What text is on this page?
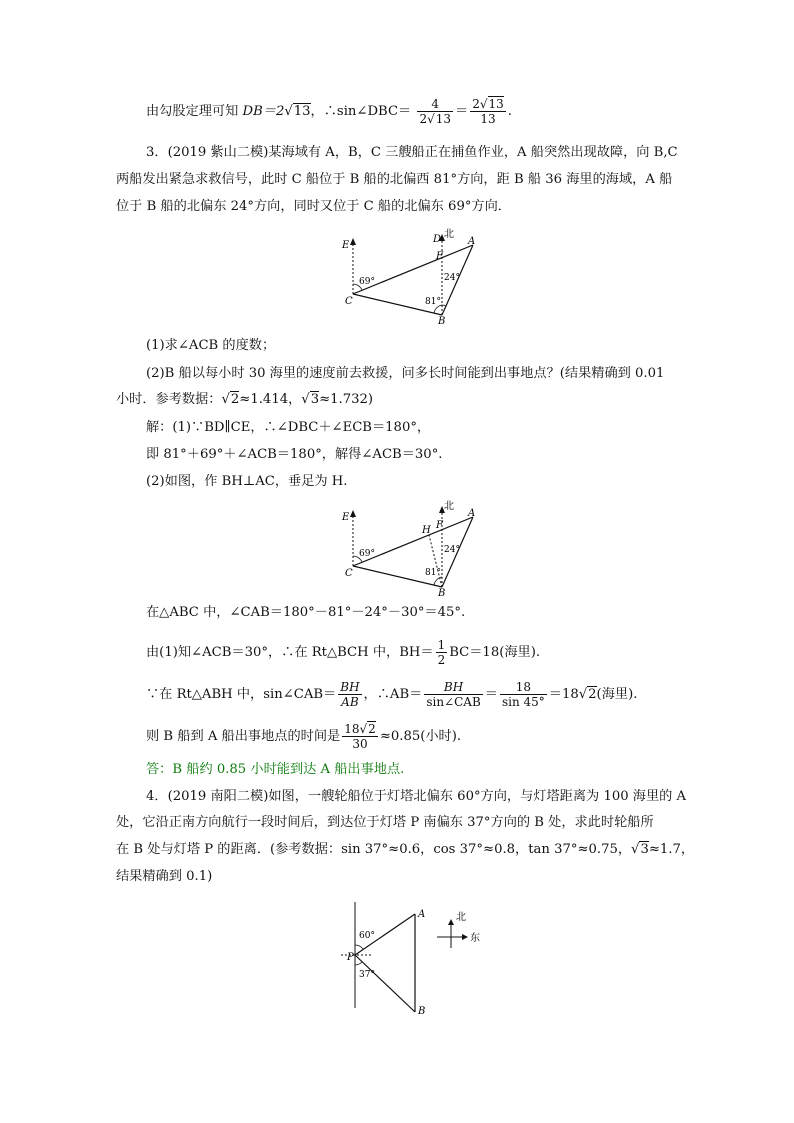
由勾股定理可知 DB＝2√13，∴sin∠DBC＝ $\frac{4}{2√13} = \frac{2√13}{13}$ .
3．(2019 紫山二模)某海域有 A，B，C 三艘船正在捕鱼作业，A 船突然出现故障，向 B,C
两船发出紧急求救信号，此时 C 船位于 B 船的北偏西 81°方向，距 B 船 36 海里的海域，A 船
位于 B 船的北偏东 24°方向，同时又位于 C 船的北偏东 69°方向．
E
D 北
A
F
C
B
69°	24°
81°
(1)求∠ACB 的度数；
(2)B 船以每小时 30 海里的速度前去救援，问多长时间能到出事地点？(结果精确到 0.01
小时．参考数据：√2≈1.414，√3≈1.732)
解：(1)∵BD∥CE，∴∠DBC＋∠ECB＝180°，
即 81°＋69°＋∠ACB＝180°，解得∠ACB＝30°.
(2)如图，作 BH⊥AC，垂足为 H.
E
H
北
A
F
C
B
69°	24°
81°
在△ABC 中，∠CAB＝180°－81°－24°－30°＝45°.
由(1)知∠ACB＝30°，∴在 Rt△BCH 中，$BH= \frac{1}{2} BC=18$(海里).
∵在 Rt△ABH 中，sin∠CAB＝ $\frac{BH}{AB}$ ，∴AB＝ $\frac{BH}{\text{sin∠CAB}} = \frac{18}{\sin 45^\circ} =18√2$(海里).
则 B 船到 A 船出事地点的时间是 $\frac{18√2}{30} \approx 0.85$(小时).
答：B 船约 0.85 小时能到达 A 船出事地点.
4．(2019 南阳二模)如图，一艘轮船位于灯塔北偏东 60°方向，与灯塔距离为 100 海里的 A
处，它沿正南方向航行一段时间后，到达位于灯塔 P 南偏东 37°方向的 B 处，求此时轮船所
在 B 处与灯塔 P 的距离．(参考数据：sin 37°≈0.6，cos 37°≈0.8，tan 37°≈0.75，√3≈1.7，
结果精确到 0.1)
A
P
B
60°
37°
北
东
